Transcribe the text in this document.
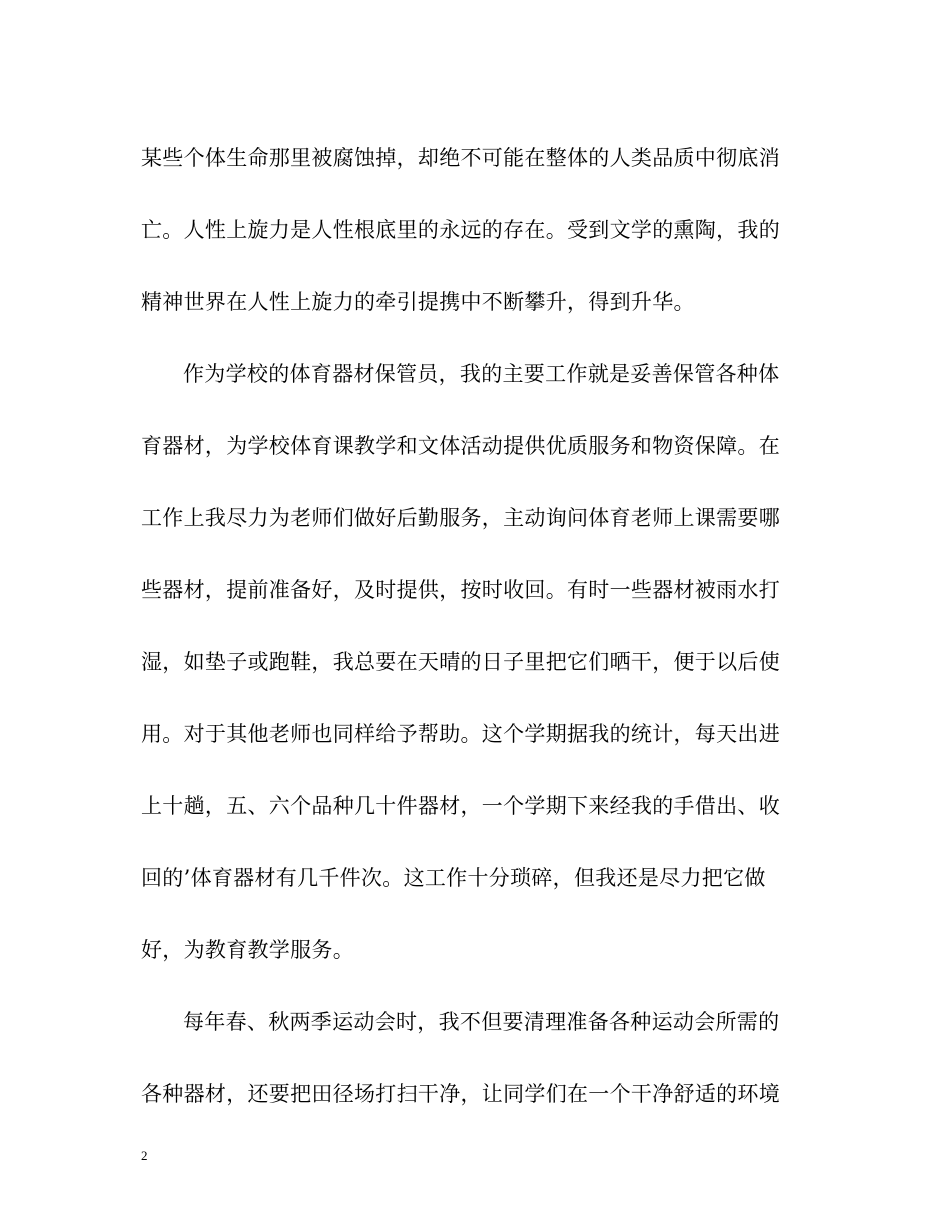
某些个体生命那里被腐蚀掉，却绝不可能在整体的人类品质中彻底消
亡。人性上旋力是人性根底里的永远的存在。受到文学的熏陶，我的
精神世界在人性上旋力的牵引提携中不断攀升，得到升华。
作为学校的体育器材保管员，我的主要工作就是妥善保管各种体
育器材，为学校体育课教学和文体活动提供优质服务和物资保障。在
工作上我尽力为老师们做好后勤服务，主动询问体育老师上课需要哪
些器材，提前准备好，及时提供，按时收回。有时一些器材被雨水打
湿，如垫子或跑鞋，我总要在天晴的日子里把它们晒干，便于以后使
用。对于其他老师也同样给予帮助。这个学期据我的统计，每天出进
上十趟，五、六个品种几十件器材，一个学期下来经我的手借出、收
回的’体育器材有几千件次。这工作十分琐碎，但我还是尽力把它做
好，为教育教学服务。
每年春、秋两季运动会时，我不但要清理准备各种运动会所需的
各种器材，还要把田径场打扫干净，让同学们在一个干净舒适的环境
2
